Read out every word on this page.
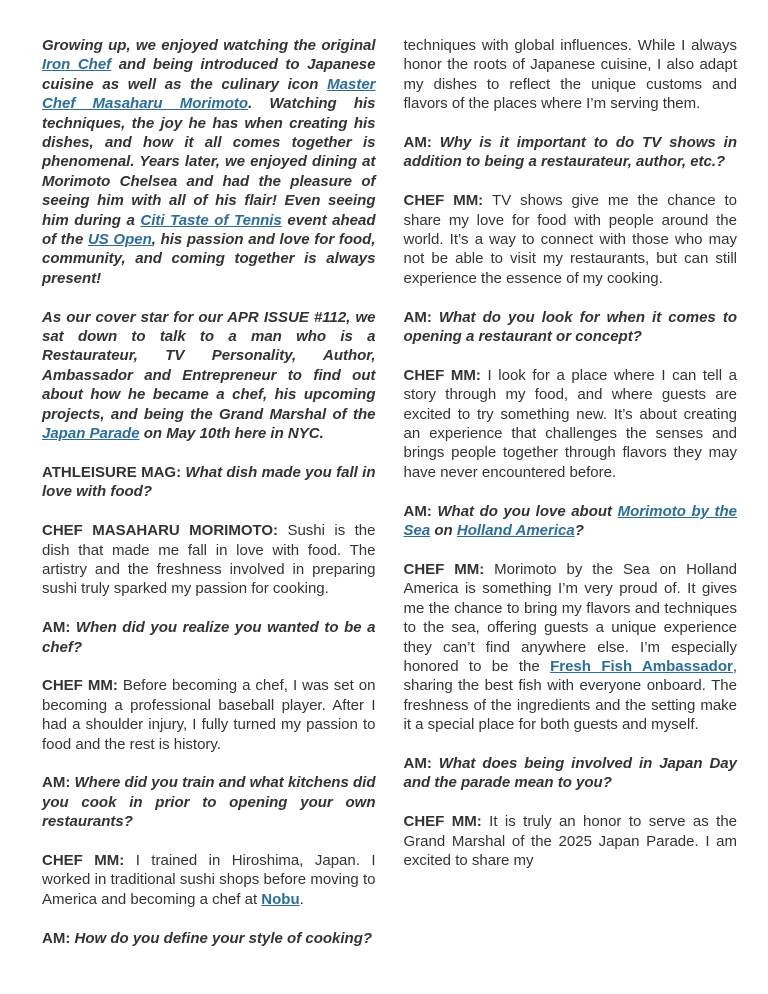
Growing up, we enjoyed watching the original Iron Chef and being introduced to Japanese cuisine as well as the culinary icon Master Chef Masaharu Morimoto. Watching his techniques, the joy he has when creating his dishes, and how it all comes together is phenomenal. Years later, we enjoyed dining at Morimoto Chelsea and had the pleasure of seeing him with all of his flair! Even seeing him during a Citi Taste of Tennis event ahead of the US Open, his passion and love for food, community, and coming together is always present!

As our cover star for our APR ISSUE #112, we sat down to talk to a man who is a Restaurateur, TV Personality, Author, Ambassador and Entrepreneur to find out about how he became a chef, his upcoming projects, and being the Grand Marshal of the Japan Parade on May 10th here in NYC.

ATHLEISURE MAG: What dish made you fall in love with food?

CHEF MASAHARU MORIMOTO: Sushi is the dish that made me fall in love with food. The artistry and the freshness involved in preparing sushi truly sparked my passion for cooking.

AM: When did you realize you wanted to be a chef?

CHEF MM: Before becoming a chef, I was set on becoming a professional baseball player. After I had a shoulder injury, I fully turned my passion to food and the rest is history.

AM: Where did you train and what kitchens did you cook in prior to opening your own restaurants?

CHEF MM: I trained in Hiroshima, Japan. I worked in traditional sushi shops before moving to America and becoming a chef at Nobu.

AM: How do you define your style of cooking?

techniques with global influences. While I always honor the roots of Japanese cuisine, I also adapt my dishes to reflect the unique customs and flavors of the places where I’m serving them.

AM: Why is it important to do TV shows in addition to being a restaurateur, author, etc.?

CHEF MM: TV shows give me the chance to share my love for food with people around the world. It’s a way to connect with those who may not be able to visit my restaurants, but can still experience the essence of my cooking.

AM: What do you look for when it comes to opening a restaurant or concept?

CHEF MM: I look for a place where I can tell a story through my food, and where guests are excited to try something new. It’s about creating an experience that challenges the senses and brings people together through flavors they may have never encountered before.

AM: What do you love about Morimoto by the Sea on Holland America?

CHEF MM: Morimoto by the Sea on Holland America is something I’m very proud of. It gives me the chance to bring my flavors and techniques to the sea, offering guests a unique experience they can’t find anywhere else. I’m especially honored to be the Fresh Fish Ambassador, sharing the best fish with everyone onboard. The freshness of the ingredients and the setting make it a special place for both guests and myself.

AM: What does being involved in Japan Day and the parade mean to you?

CHEF MM: It is truly an honor to serve as the Grand Marshal of the 2025 Japan Parade. I am excited to share my
